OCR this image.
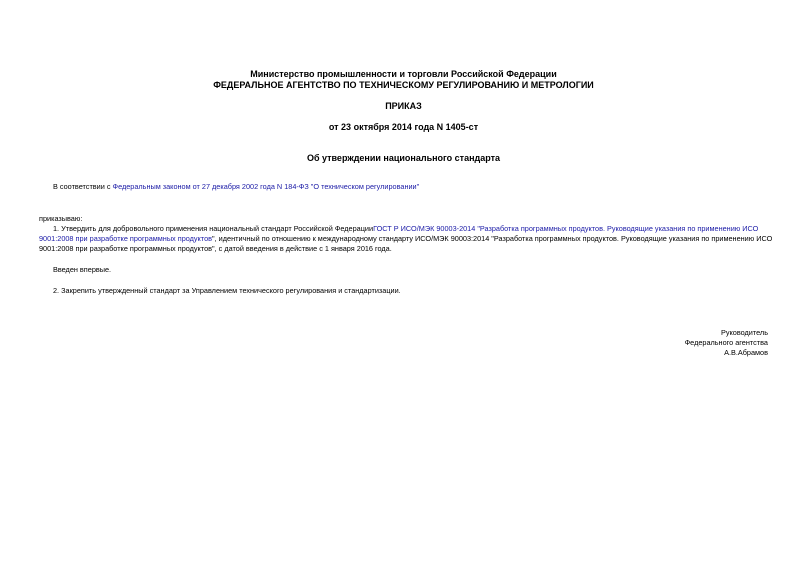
Министерство промышленности и торговли Российской Федерации
ФЕДЕРАЛЬНОЕ АГЕНТСТВО ПО ТЕХНИЧЕСКОМУ РЕГУЛИРОВАНИЮ И МЕТРОЛОГИИ
ПРИКАЗ
от 23 октября 2014 года N 1405-ст
Об утверждении национального стандарта
В соответствии с Федеральным законом от 27 декабря 2002 года N 184-ФЗ "О техническом регулировании"
приказываю:
1. Утвердить для добровольного применения национальный стандарт Российской ФедерацииГОСТ Р ИСО/МЭК 90003-2014 "Разработка программных продуктов. Руководящие указания по применению ИСО
9001:2008 при разработке программных продуктов", идентичный по отношению к международному стандарту ИСО/МЭК 90003:2014 "Разработка программных продуктов. Руководящие указания по применению ИСО
9001:2008 при разработке программных продуктов", с датой введения в действие с 1 января 2016 года.
Введен впервые.
2. Закрепить утвержденный стандарт за Управлением технического регулирования и стандартизации.
Руководитель
Федерального агентства
А.В.Абрамов
